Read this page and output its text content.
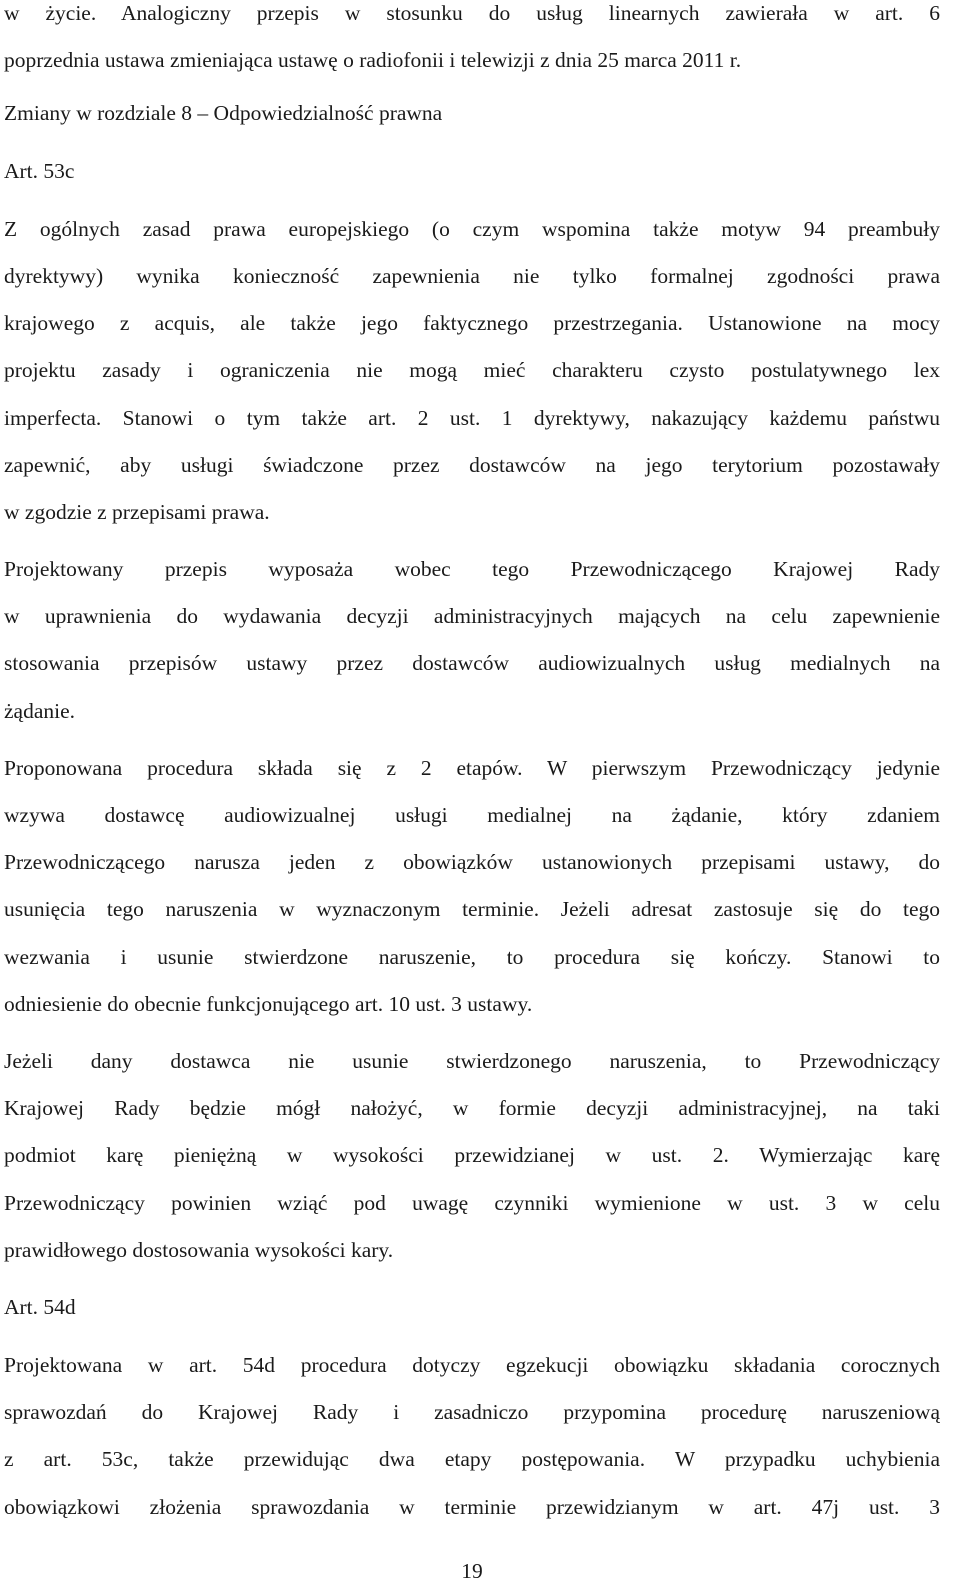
w życie. Analogiczny przepis w stosunku do usług linearnych zawierała w art. 6
poprzednia ustawa zmieniająca ustawę o radiofonii i telewizji z dnia 25 marca 2011 r.
Zmiany w rozdziale 8 – Odpowiedzialność prawna
Art. 53c
Z ogólnych zasad prawa europejskiego (o czym wspomina także motyw 94 preambuły
dyrektywy) wynika konieczność zapewnienia nie tylko formalnej zgodności prawa
krajowego z acquis, ale także jego faktycznego przestrzegania. Ustanowione na mocy
projektu zasady i ograniczenia nie mogą mieć charakteru czysto postulatywnego lex
imperfecta. Stanowi o tym także art. 2 ust. 1 dyrektywy, nakazujący każdemu państwu
zapewnić, aby usługi świadczone przez dostawców na jego terytorium pozostawały
w zgodzie z przepisami prawa.
Projektowany przepis wyposaża wobec tego Przewodniczącego Krajowej Rady
w uprawnienia do wydawania decyzji administracyjnych mających na celu zapewnienie
stosowania przepisów ustawy przez dostawców audiowizualnych usług medialnych na
żądanie.
Proponowana procedura składa się z 2 etapów. W pierwszym Przewodniczący jedynie
wzywa dostawcę audiowizualnej usługi medialnej na żądanie, który zdaniem
Przewodniczącego narusza jeden z obowiązków ustanowionych przepisami ustawy, do
usunięcia tego naruszenia w wyznaczonym terminie. Jeżeli adresat zastosuje się do tego
wezwania i usunie stwierdzone naruszenie, to procedura się kończy. Stanowi to
odniesienie do obecnie funkcjonującego art. 10 ust. 3 ustawy.
Jeżeli dany dostawca nie usunie stwierdzonego naruszenia, to Przewodniczący
Krajowej Rady będzie mógł nałożyć, w formie decyzji administracyjnej, na taki
podmiot karę pieniężną w wysokości przewidzianej w ust. 2. Wymierzając karę
Przewodniczący powinien wziąć pod uwagę czynniki wymienione w ust. 3 w celu
prawidłowego dostosowania wysokości kary.
Art. 54d
Projektowana w art. 54d procedura dotyczy egzekucji obowiązku składania corocznych
sprawozdań do Krajowej Rady i zasadniczo przypomina procedurę naruszeniową
z art. 53c, także przewidując dwa etapy postępowania. W przypadku uchybienia
obowiązkowi złożenia sprawozdania w terminie przewidzianym w art. 47j ust. 3
19
